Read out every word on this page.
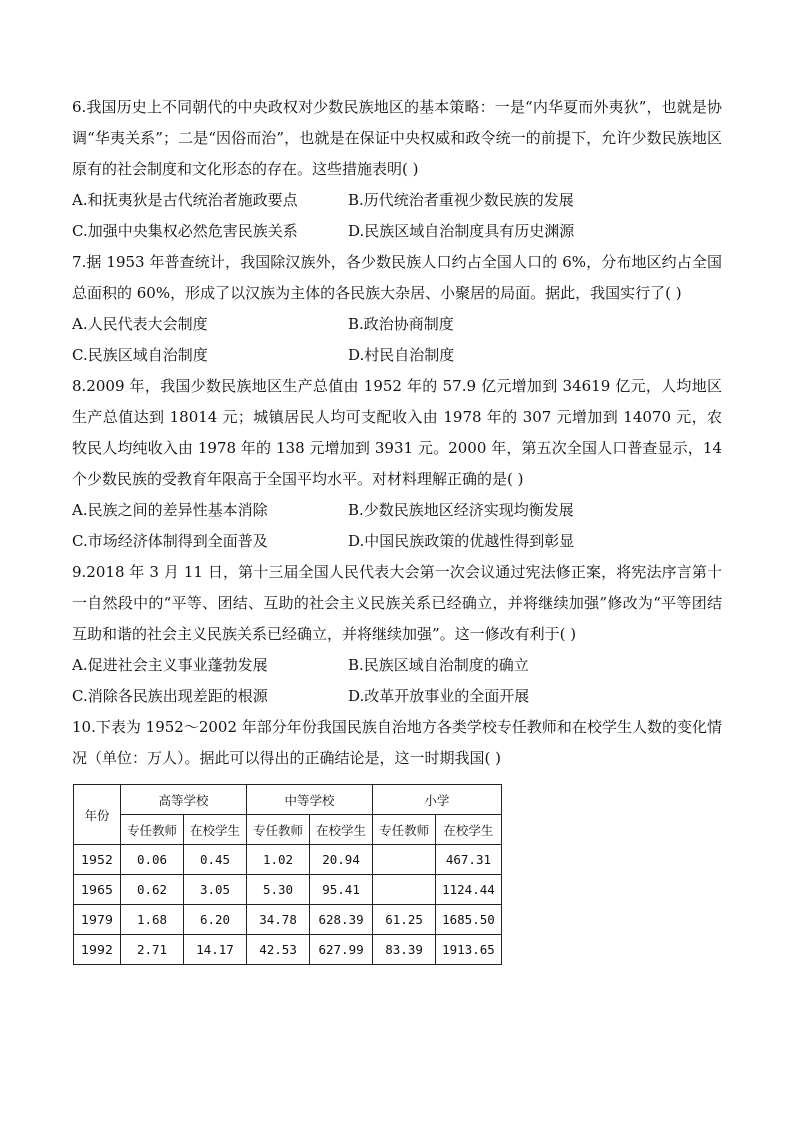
6.我国历史上不同朝代的中央政权对少数民族地区的基本策略：一是“内华夏而外夷狄”，也就是协调“华夷关系”；二是“因俗而治”，也就是在保证中央权威和政令统一的前提下，允许少数民族地区原有的社会制度和文化形态的存在。这些措施表明( )

A.和抚夷狄是古代统治者施政要点	B.历代统治者重视少数民族的发展
C.加强中央集权必然危害民族关系	D.民族区域自治制度具有历史渊源

7.据 1953 年普查统计，我国除汉族外，各少数民族人口约占全国人口的 6%，分布地区约占全国总面积的 60%，形成了以汉族为主体的各民族大杂居、小聚居的局面。据此，我国实行了( )

A.人民代表大会制度	B.政治协商制度
C.民族区域自治制度	D.村民自治制度

8.2009 年，我国少数民族地区生产总值由 1952 年的 57.9 亿元增加到 34619 亿元，人均地区生产总值达到 18014 元；城镇居民人均可支配收入由 1978 年的 307 元增加到 14070 元，农牧民人均纯收入由 1978 年的 138 元增加到 3931 元。2000 年，第五次全国人口普查显示，14 个少数民族的受教育年限高于全国平均水平。对材料理解正确的是( )

A.民族之间的差异性基本消除	B.少数民族地区经济实现均衡发展
C.市场经济体制得到全面普及	D.中国民族政策的优越性得到彰显

9.2018 年 3 月 11 日，第十三届全国人民代表大会第一次会议通过宪法修正案，将宪法序言第十一自然段中的“平等、团结、互助的社会主义民族关系已经确立，并将继续加强”修改为“平等团结互助和谐的社会主义民族关系已经确立，并将继续加强”。这一修改有利于( )

A.促进社会主义事业蓬勃发展	B.民族区域自治制度的确立
C.消除各民族出现差距的根源	D.改革开放事业的全面开展

10.下表为 1952～2002 年部分年份我国民族自治地方各类学校专任教师和在校学生人数的变化情况（单位：万人）。据此可以得出的正确结论是，这一时期我国( )

年份	高等学校		中等学校		小学	
	专任教师	在校学生	专任教师	在校学生	专任教师	在校学生
1952	0.06	0.45	1.02	20.94		467.31
1965	0.62	3.05	5.30	95.41		1124.44
1979	1.68	6.20	34.78	628.39	61.25	1685.50
1992	2.71	14.17	42.53	627.99	83.39	1913.65
